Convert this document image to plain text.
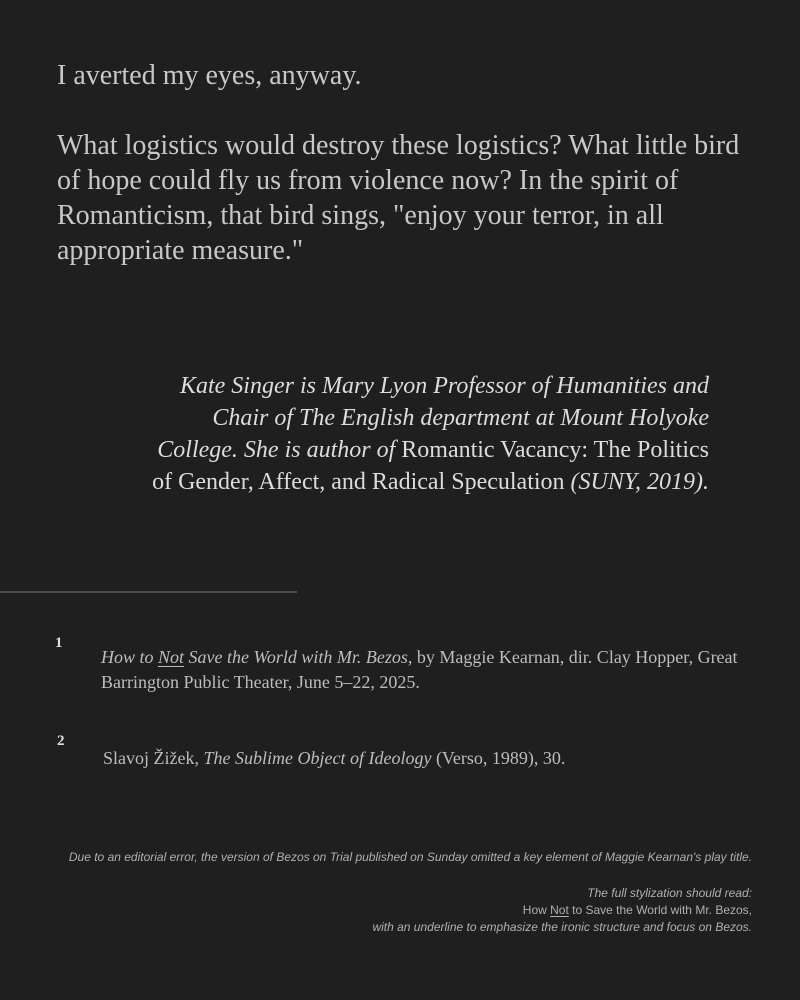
I averted my eyes, anyway.

What logistics would destroy these logistics? What little bird of hope could fly us from violence now? In the spirit of Romanticism, that bird sings, "enjoy your terror, in all appropriate measure."

Kate Singer is Mary Lyon Professor of Humanities and Chair of The English department at Mount Holyoke College. She is author of Romantic Vacancy: The Politics of Gender, Affect, and Radical Speculation (SUNY, 2019).
1
How to Not Save the World with Mr. Bezos, by Maggie Kearnan, dir. Clay Hopper, Great Barrington Public Theater, June 5–22, 2025.
2
Slavoj Žižek, The Sublime Object of Ideology (Verso, 1989), 30.
Due to an editorial error, the version of Bezos on Trial published on Sunday omitted a key element of Maggie Kearnan's play title.
The full stylization should read:
How Not to Save the World with Mr. Bezos,
with an underline to emphasize the ironic structure and focus on Bezos.
